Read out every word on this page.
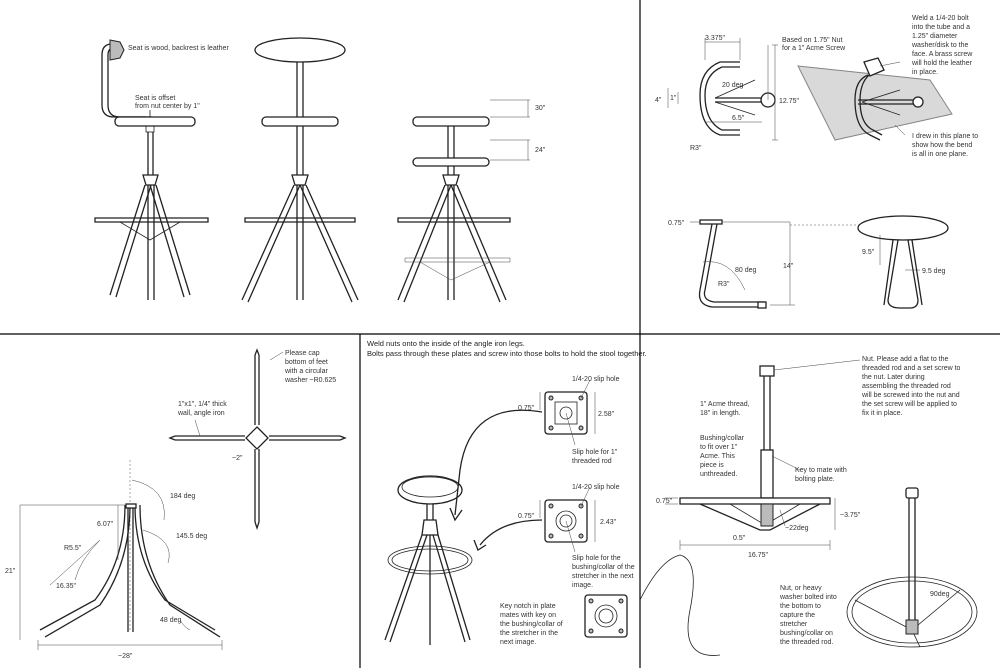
Seat is wood, backrest is leather
Seat is offset
from nut center by 1"	30"
24"
3.375"	Based on 1.75" Nut
for a 1" Acme Screw
20 deg
4" 1"	12.75"
6.5"
R3"
Weld a 1/4-20 bolt
into the tube and a
1.25" diameter
washer/disk to the
face. A brass screw
will hold the leather
in place.
I drew in this plane to
show how the bend
is all in one plane.
0.75"
80 deg
14"
R3"
9.5"
9.5 deg
Please cap
bottom of feet
with a circular
washer ~R0.625
1"x1", 1/4" thick
wall, angle iron
~2"
184 deg
6.07"
R5.5"
145.5 deg
21"
16.35"
48 deg
~28"
Weld nuts onto the inside of the angle iron legs.
Bolts pass through these plates and screw into those bolts to hold the stool together.
1/4-20 slip hole
0.75"
2.58"
Slip hole for 1"
threaded rod
1/4-20 slip hole
0.75"
2.43"
Slip hole for the
bushing/collar of the
stretcher in the next
image.
Key notch in plate
mates with key on
the bushing/collar of
the stretcher in the
next image.
Nut. Please add a flat to the
threaded rod and a set screw to
the nut. Later during
assembling the threaded rod
will be screwed into the nut and
the set screw will be applied to
fix it in place.
1" Acme thread,
18" in length.
Bushing/collar
to fit over 1"
Acme. This
piece is
unthreaded.
Key to mate with
bolting plate.
0.75"
~22deg
~3.75"
0.5"
16.75"
Nut, or heavy
washer bolted into
the bottom to
capture the
stretcher
bushing/collar on
the threaded rod.
90deg
